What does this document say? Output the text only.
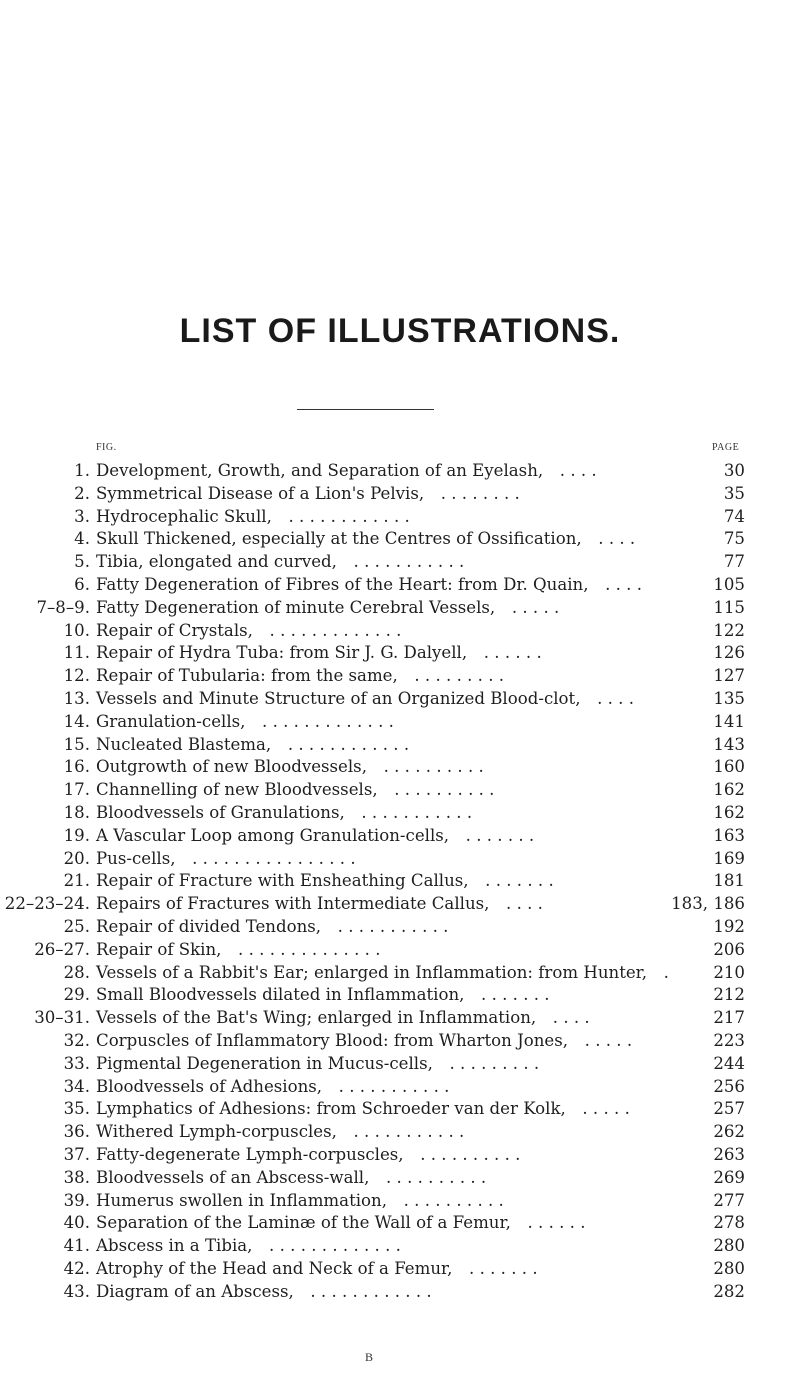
LIST OF ILLUSTRATIONS.
FIG.	PAGE
1. Development, Growth, and Separation of an Eyelash,  . . . .	30
2. Symmetrical Disease of a Lion's Pelvis,  . . . . . . . .	35
3. Hydrocephalic Skull,  . . . . . . . . . . . .	74
4. Skull Thickened, especially at the Centres of Ossification,  . . . .	75
5. Tibia, elongated and curved,  . . . . . . . . . . .	77
6. Fatty Degeneration of Fibres of the Heart: from Dr. Quain,  . . . .	105
7–8–9. Fatty Degeneration of minute Cerebral Vessels,  . . . . .	115
10. Repair of Crystals,  . . . . . . . . . . . . .	122
11. Repair of Hydra Tuba: from Sir J. G. Dalyell,  . . . . . .	126
12. Repair of Tubularia: from the same,  . . . . . . . . .	127
13. Vessels and Minute Structure of an Organized Blood-clot,  . . . .	135
14. Granulation-cells,  . . . . . . . . . . . . .	141
15. Nucleated Blastema,  . . . . . . . . . . . .	143
16. Outgrowth of new Bloodvessels,  . . . . . . . . . .	160
17. Channelling of new Bloodvessels,  . . . . . . . . . .	162
18. Bloodvessels of Granulations,  . . . . . . . . . . .	162
19. A Vascular Loop among Granulation-cells,  . . . . . . .	163
20. Pus-cells,  . . . . . . . . . . . . . . . .	169
21. Repair of Fracture with Ensheathing Callus,  . . . . . . .	181
22–23–24. Repairs of Fractures with Intermediate Callus,  . . . .	183, 186
25. Repair of divided Tendons,  . . . . . . . . . . .	192
26–27. Repair of Skin,  . . . . . . . . . . . . . .	206
28. Vessels of a Rabbit's Ear; enlarged in Inflammation: from Hunter,  .	210
29. Small Bloodvessels dilated in Inflammation,  . . . . . . .	212
30–31. Vessels of the Bat's Wing; enlarged in Inflammation,  . . . .	217
32. Corpuscles of Inflammatory Blood: from Wharton Jones,  . . . . .	223
33. Pigmental Degeneration in Mucus-cells,  . . . . . . . . .	244
34. Bloodvessels of Adhesions,  . . . . . . . . . . .	256
35. Lymphatics of Adhesions: from Schroeder van der Kolk,  . . . . .	257
36. Withered Lymph-corpuscles,  . . . . . . . . . . .	262
37. Fatty-degenerate Lymph-corpuscles,  . . . . . . . . . .	263
38. Bloodvessels of an Abscess-wall,  . . . . . . . . . .	269
39. Humerus swollen in Inflammation,  . . . . . . . . . .	277
40. Separation of the Laminæ of the Wall of a Femur,  . . . . . .	278
41. Abscess in a Tibia,  . . . . . . . . . . . . .	280
42. Atrophy of the Head and Neck of a Femur,  . . . . . . .	280
43. Diagram of an Abscess,  . . . . . . . . . . . .	282
B
